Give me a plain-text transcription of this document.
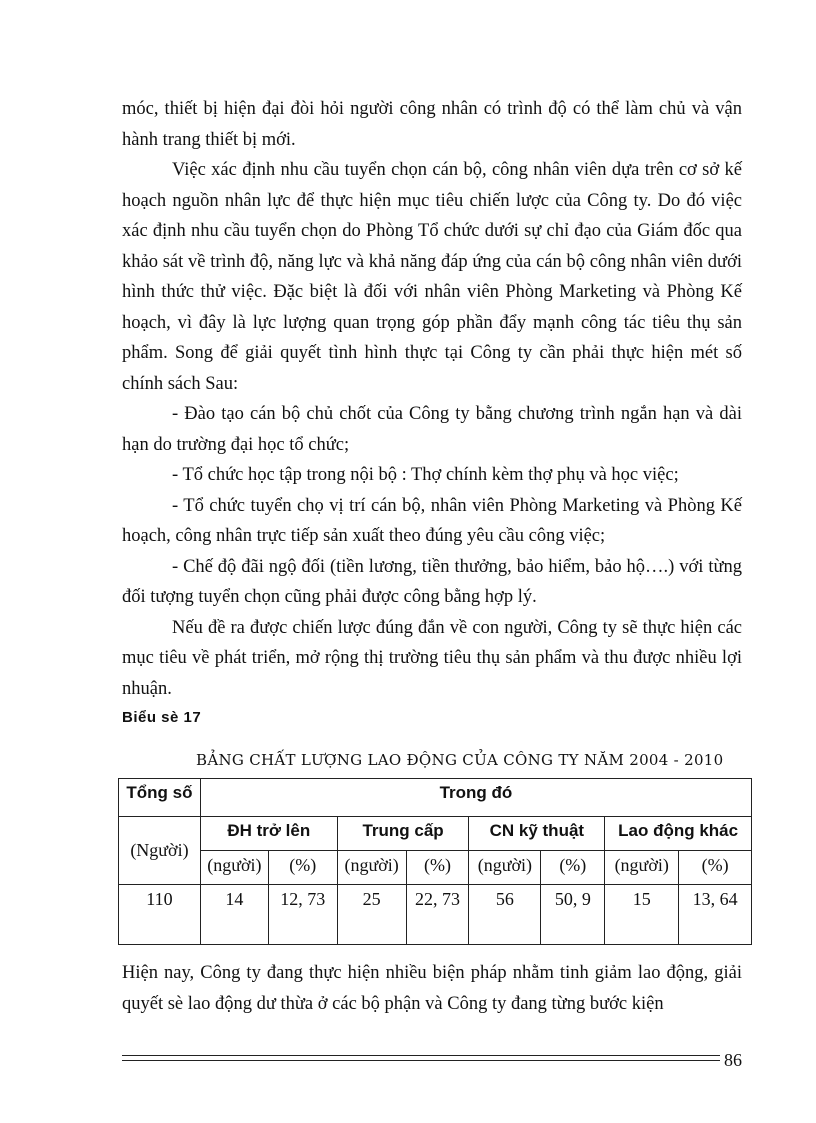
móc, thiết bị hiện đại đòi hỏi người công nhân có trình độ có thể làm chủ và vận hành trang thiết bị mới.

Việc xác định nhu cầu tuyển chọn cán bộ, công nhân viên dựa trên cơ sở kế hoạch nguồn nhân lực để thực hiện mục tiêu chiến lược của Công ty. Do đó việc xác định nhu cầu tuyển chọn do Phòng Tổ chức dưới sự chỉ đạo của Giám đốc qua khảo sát về trình độ, năng lực và khả năng đáp ứng của cán bộ công nhân viên dưới hình thức thử việc. Đặc biệt là đối với nhân viên Phòng Marketing và Phòng Kế hoạch, vì đây là lực lượng quan trọng góp phần đẩy mạnh công tác tiêu thụ sản phẩm. Song để giải quyết tình hình thực tại Công ty cần phải thực hiện mét số chính sách Sau:

- Đào tạo cán bộ chủ chốt của Công ty bằng chương trình ngắn hạn và dài hạn do trường đại học tổ chức;

- Tổ chức học tập trong nội bộ : Thợ chính kèm thợ phụ và học việc;

- Tổ chức tuyển chọ vị trí cán bộ, nhân viên Phòng Marketing và Phòng Kế hoạch, công nhân trực tiếp sản xuất theo đúng yêu cầu công việc;

- Chế độ đãi ngộ đối (tiền lương, tiền thưởng, bảo hiểm, bảo hộ….) với từng đối tượng tuyển chọn cũng phải được công bằng hợp lý.

Nếu đề ra được chiến lược đúng đắn về con người, Công ty sẽ thực hiện các mục tiêu về phát triển, mở rộng thị trường tiêu thụ sản phẩm và thu được nhiều lợi nhuận.

Biểu sè 17
BẢNG CHẤT LƯỢNG LAO ĐỘNG CỦA CÔNG TY NĂM 2004 - 2010
Tổng số	Trong đó							
(Người)	ĐH trở lên		Trung cấp		CN kỹ thuật		Lao động khác	
	(người)	(%)	(người)	(%)	(người)	(%)	(người)	(%)
110	14	12, 73	25	22, 73	56	50, 9	15	13, 64

Hiện nay, Công ty đang thực hiện nhiều biện pháp nhằm tinh giảm lao động, giải quyết sè lao động dư thừa ở các bộ phận và Công ty đang từng bước kiện

86
